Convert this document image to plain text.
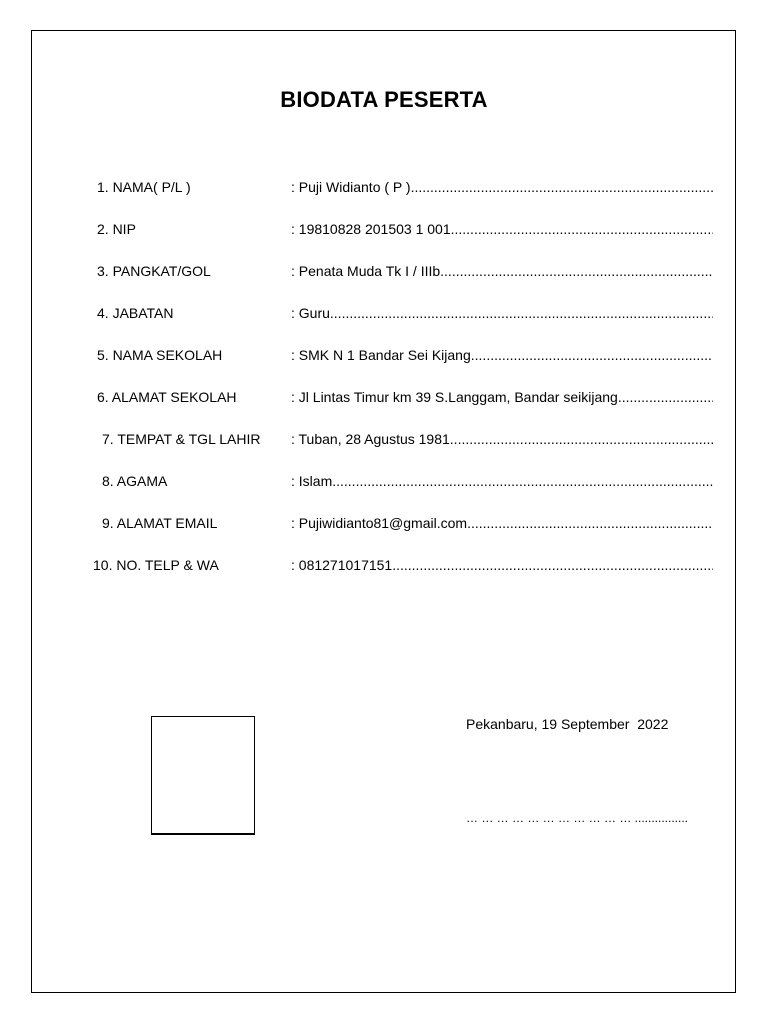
BIODATA PESERTA
1. NAMA( P/L )	: Puji Widianto ( P ) .....
2. NIP	: 19810828 201503 1 001 .....
3. PANGKAT/GOL	: Penata Muda Tk I / IIIb .....
4. JABATAN	: Guru .....
5. NAMA SEKOLAH	: SMK N 1 Bandar Sei Kijang .....
6. ALAMAT SEKOLAH	: Jl Lintas Timur km 39 S.Langgam, Bandar seikijang .....
7. TEMPAT & TGL LAHIR : Tuban, 28 Agustus 1981 .....
8. AGAMA	: Islam .....
9. ALAMAT EMAIL	: Pujiwidianto81@gmail.com .....
10. NO. TELP & WA	: 081271017151 .....
Pekanbaru, 19 September  2022
… … … … … … … … … … … ................
